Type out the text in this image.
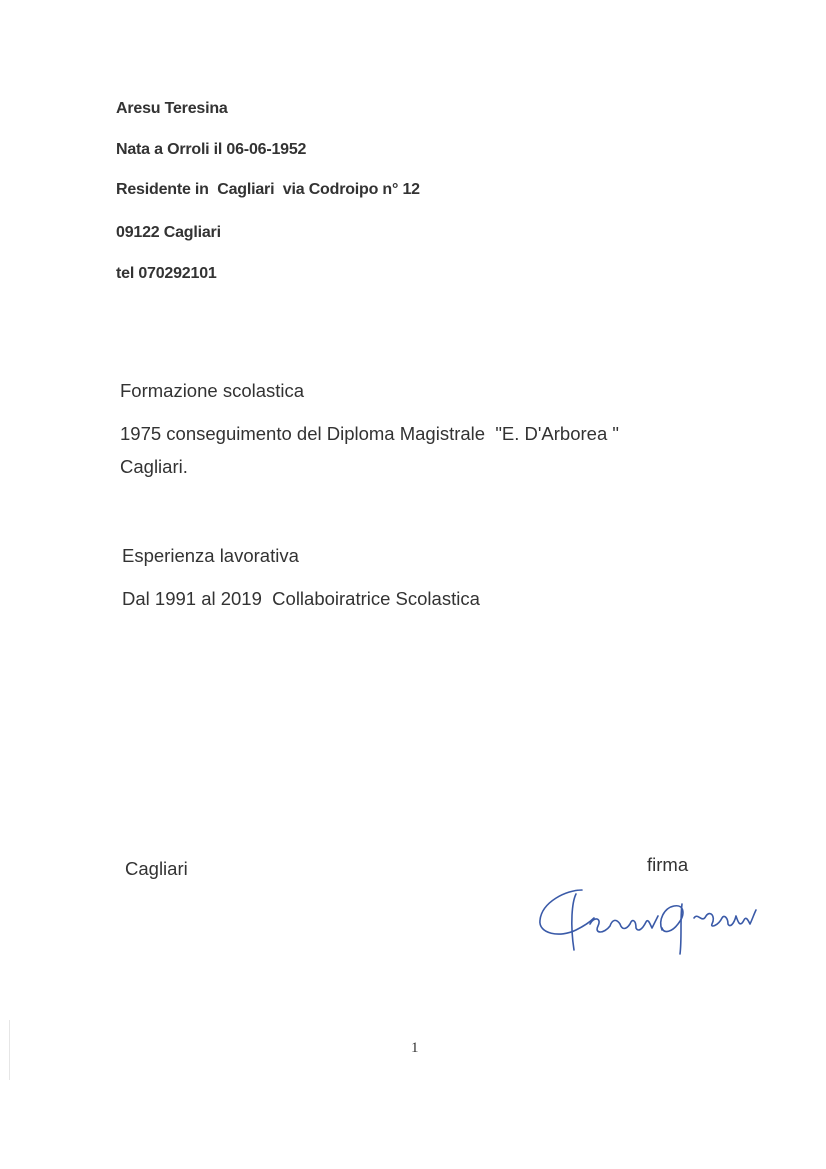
Aresu Teresina
Nata a Orroli il 06-06-1952
Residente in  Cagliari  via Codroipo n° 12
09122 Cagliari
tel 070292101
Formazione scolastica
1975 conseguimento del Diploma Magistrale  "E. D'Arborea "
Cagliari.
Esperienza lavorativa
Dal 1991 al 2019  Collaboiratrice Scolastica
Cagliari	firma
1
